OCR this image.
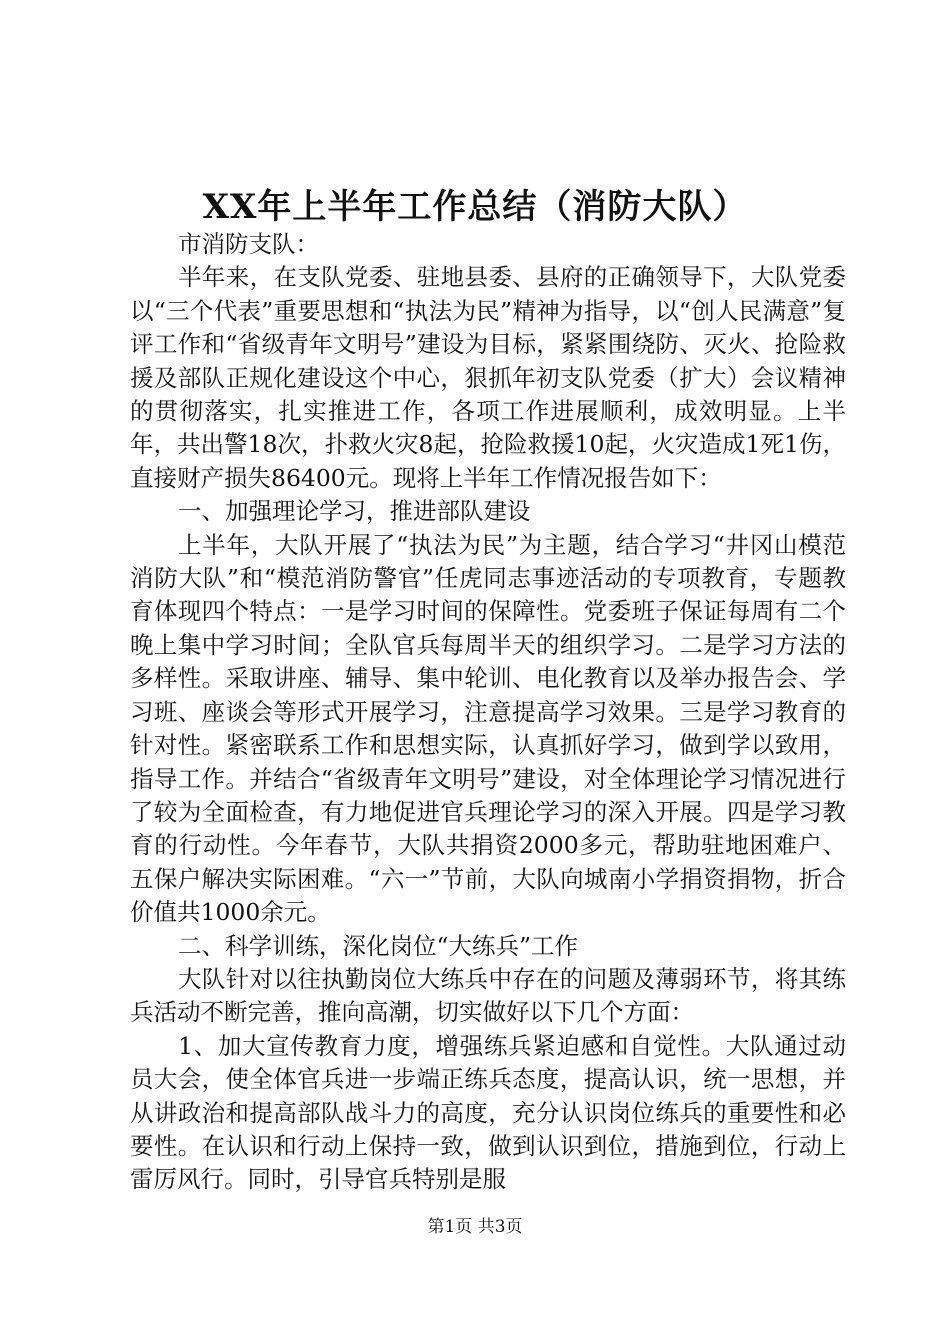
XX年上半年工作总结（消防大队）

市消防支队：

半年来，在支队党委、驻地县委、县府的正确领导下，大队党委以“三个代表”重要思想和“执法为民”精神为指导，以“创人民满意”复评工作和“省级青年文明号”建设为目标，紧紧围绕防、灭火、抢险救援及部队正规化建设这个中心，狠抓年初支队党委（扩大）会议精神的贯彻落实，扎实推进工作，各项工作进展顺利，成效明显。上半年，共出警18次，扑救火灾8起，抢险救援10起，火灾造成1死1伤，直接财产损失86400元。现将上半年工作情况报告如下：

一、加强理论学习，推进部队建设

上半年，大队开展了“执法为民”为主题，结合学习“井冈山模范消防大队”和“模范消防警官”任虎同志事迹活动的专项教育，专题教育体现四个特点：一是学习时间的保障性。党委班子保证每周有二个晚上集中学习时间；全队官兵每周半天的组织学习。二是学习方法的多样性。采取讲座、辅导、集中轮训、电化教育以及举办报告会、学习班、座谈会等形式开展学习，注意提高学习效果。三是学习教育的针对性。紧密联系工作和思想实际，认真抓好学习，做到学以致用，指导工作。并结合“省级青年文明号”建设，对全体理论学习情况进行了较为全面检查，有力地促进官兵理论学习的深入开展。四是学习教育的行动性。今年春节，大队共捐资2000多元，帮助驻地困难户、五保户解决实际困难。“六一”节前，大队向城南小学捐资捐物，折合价值共1000余元。

二、科学训练，深化岗位“大练兵”工作

大队针对以往执勤岗位大练兵中存在的问题及薄弱环节，将其练兵活动不断完善，推向高潮，切实做好以下几个方面：

1、加大宣传教育力度，增强练兵紧迫感和自觉性。大队通过动员大会，使全体官兵进一步端正练兵态度，提高认识，统一思想，并从讲政治和提高部队战斗力的高度，充分认识岗位练兵的重要性和必要性。在认识和行动上保持一致，做到认识到位，措施到位，行动上雷厉风行。同时，引导官兵特别是服

第1页 共3页
